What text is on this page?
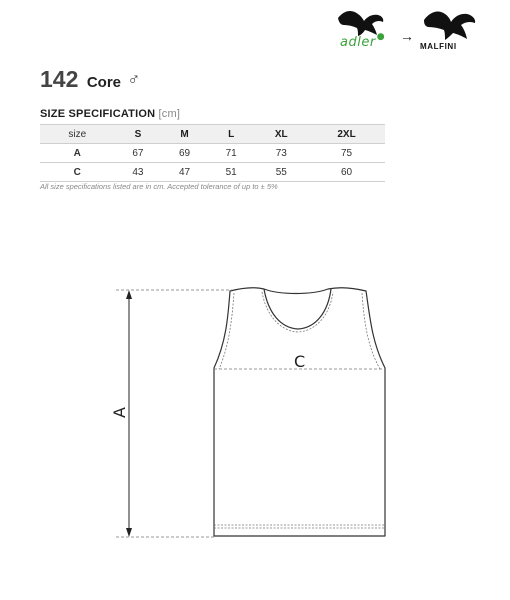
adler● →
MALFINI
142 Core ♂
SIZE SPECIFICATION [cm]
size	S	M	L	XL	2XL
A	67	69	71	73	75
C	43	47	51	55	60
All size specifications listed are in cm. Accepted tolerance of up to ± 5%
C
A
